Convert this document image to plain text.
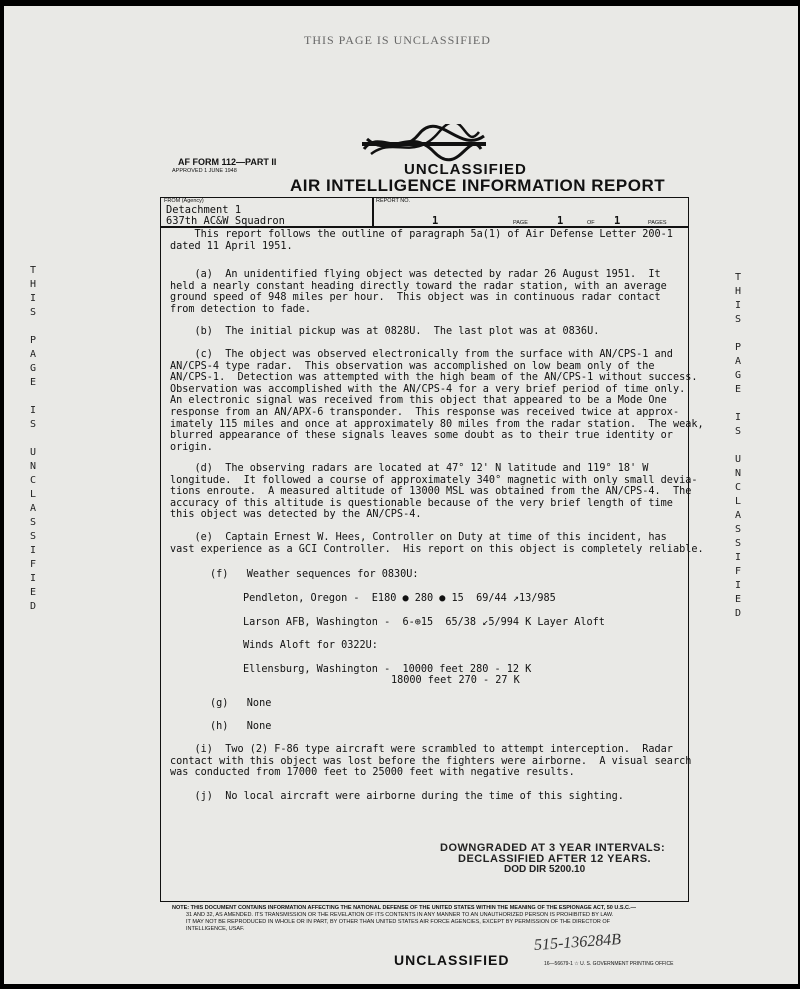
THIS PAGE IS UNCLASSIFIED
AF FORM 112—PART II
APPROVED 1 JUNE 1948	UNCLASSIFIED
AIR INTELLIGENCE INFORMATION REPORT
FROM (Agency)
Detachment 1
637th AC&W Squadron
REPORT NO.
1	PAGE	1	OF 1	PAGES
This report follows the outline of paragraph 5a(1) of Air Defense Letter 200-1
dated 11 April 1951.
(a)  An unidentified flying object was detected by radar 26 August 1951.  It
held a nearly constant heading directly toward the radar station, with an average
ground speed of 948 miles per hour.  This object was in continuous radar contact
from detection to fade.
(b)  The initial pickup was at 0828U.  The last plot was at 0836U.
(c)  The object was observed electronically from the surface with AN/CPS-1 and
AN/CPS-4 type radar.  This observation was accomplished on low beam only of the
AN/CPS-1.  Detection was attempted with the high beam of the AN/CPS-1 without success.
Observation was accomplished with the AN/CPS-4 for a very brief period of time only.
An electronic signal was received from this object that appeared to be a Mode One
response from an AN/APX-6 transponder.  This response was received twice at approx-
imately 115 miles and once at approximately 80 miles from the radar station.  The weak,
blurred appearance of these signals leaves some doubt as to their true identity or
origin.
(d)  The observing radars are located at 47° 12' N latitude and 119° 18' W
longitude.  It followed a course of approximately 340° magnetic with only small devia-
tions enroute.  A measured altitude of 13000 MSL was obtained from the AN/CPS-4.  The
accuracy of this altitude is questionable because of the very brief length of time
this object was detected by the AN/CPS-4.
(e)  Captain Ernest W. Hees, Controller on Duty at time of this incident, has
vast experience as a GCI Controller.  His report on this object is completely reliable.
(f)   Weather sequences for 0830U:
Pendleton, Oregon -  E180 ● 280 ● 15  69/44 ↗13/985
Larson AFB, Washington -  6-⊕15  65/38 ↙5/994 K Layer Aloft
Winds Aloft for 0322U:
Ellensburg, Washington -  10000 feet 280 - 12 K
18000 feet 270 - 27 K
(g)   None
(h)   None
(i)  Two (2) F-86 type aircraft were scrambled to attempt interception.  Radar
contact with this object was lost before the fighters were airborne.  A visual search
was conducted from 17000 feet to 25000 feet with negative results.
(j)  No local aircraft were airborne during the time of this sighting.
DOWNGRADED AT 3 YEAR INTERVALS:
DECLASSIFIED AFTER 12 YEARS.
DOD DIR 5200.10
T
H
I
S
P
A
G
E
I
S
U
N
C
L
A
S
S
I
F
I
E
D
T
H
I
S
P
A
G
E
I
S
U
N
C
L
A
S
S
I
F
I
E
D
NOTE: THIS DOCUMENT CONTAINS INFORMATION AFFECTING THE NATIONAL DEFENSE OF THE UNITED STATES WITHIN THE MEANING OF THE ESPIONAGE ACT, 50 U.S.C.—
31 AND 32, AS AMENDED. ITS TRANSMISSION OR THE REVELATION OF ITS CONTENTS IN ANY MANNER TO AN UNAUTHORIZED PERSON IS PROHIBITED BY LAW.
IT MAY NOT BE REPRODUCED IN WHOLE OR IN PART, BY OTHER THAN UNITED STATES AIR FORCE AGENCIES, EXCEPT BY PERMISSION OF THE DIRECTOR OF
INTELLIGENCE, USAF.
UNCLASSIFIED
515-136284B
16—56679-1 ☆ U. S. GOVERNMENT PRINTING OFFICE
